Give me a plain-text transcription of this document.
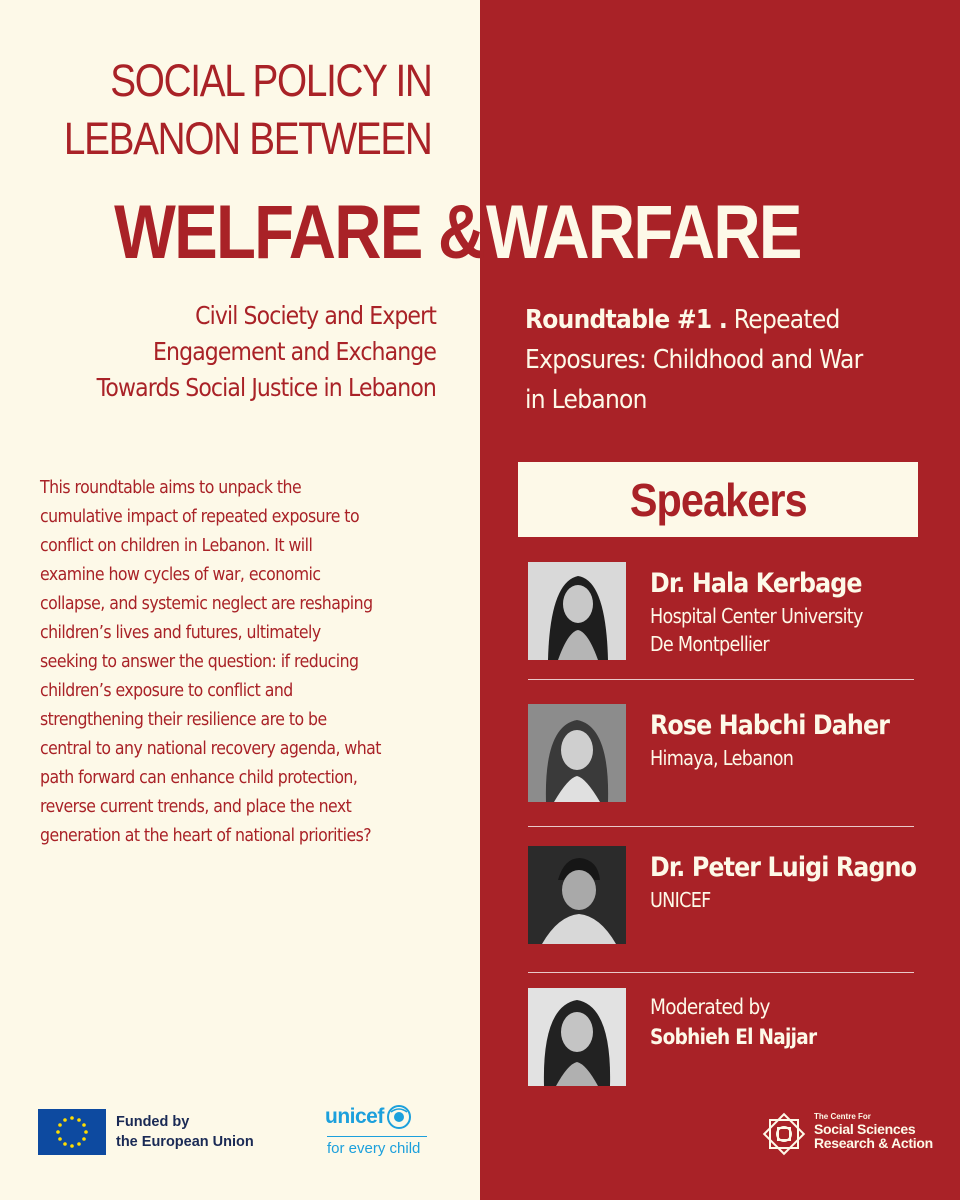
SOCIAL POLICY IN
LEBANON BETWEEN
WELFARE & WARFARE
Civil Society and Expert
Engagement and Exchange
Towards Social Justice in Lebanon
This roundtable aims to unpack the
cumulative impact of repeated exposure to
conflict on children in Lebanon. It will
examine how cycles of war, economic
collapse, and systemic neglect are reshaping
children’s lives and futures, ultimately
seeking to answer the question: if reducing
children’s exposure to conflict and
strengthening their resilience are to be
central to any national recovery agenda, what
path forward can enhance child protection,
reverse current trends, and place the next
generation at the heart of national priorities?
Roundtable #1 . Repeated
Exposures: Childhood and War
in Lebanon
Speakers
Dr. Hala Kerbage
Hospital Center University
De Montpellier
Rose Habchi Daher
Himaya, Lebanon
Dr. Peter Luigi Ragno
UNICEF
Moderated by
Sobhieh El Najjar
Funded by
the European Union
unicef
for every child
The Centre For
Social Sciences
Research & Action
